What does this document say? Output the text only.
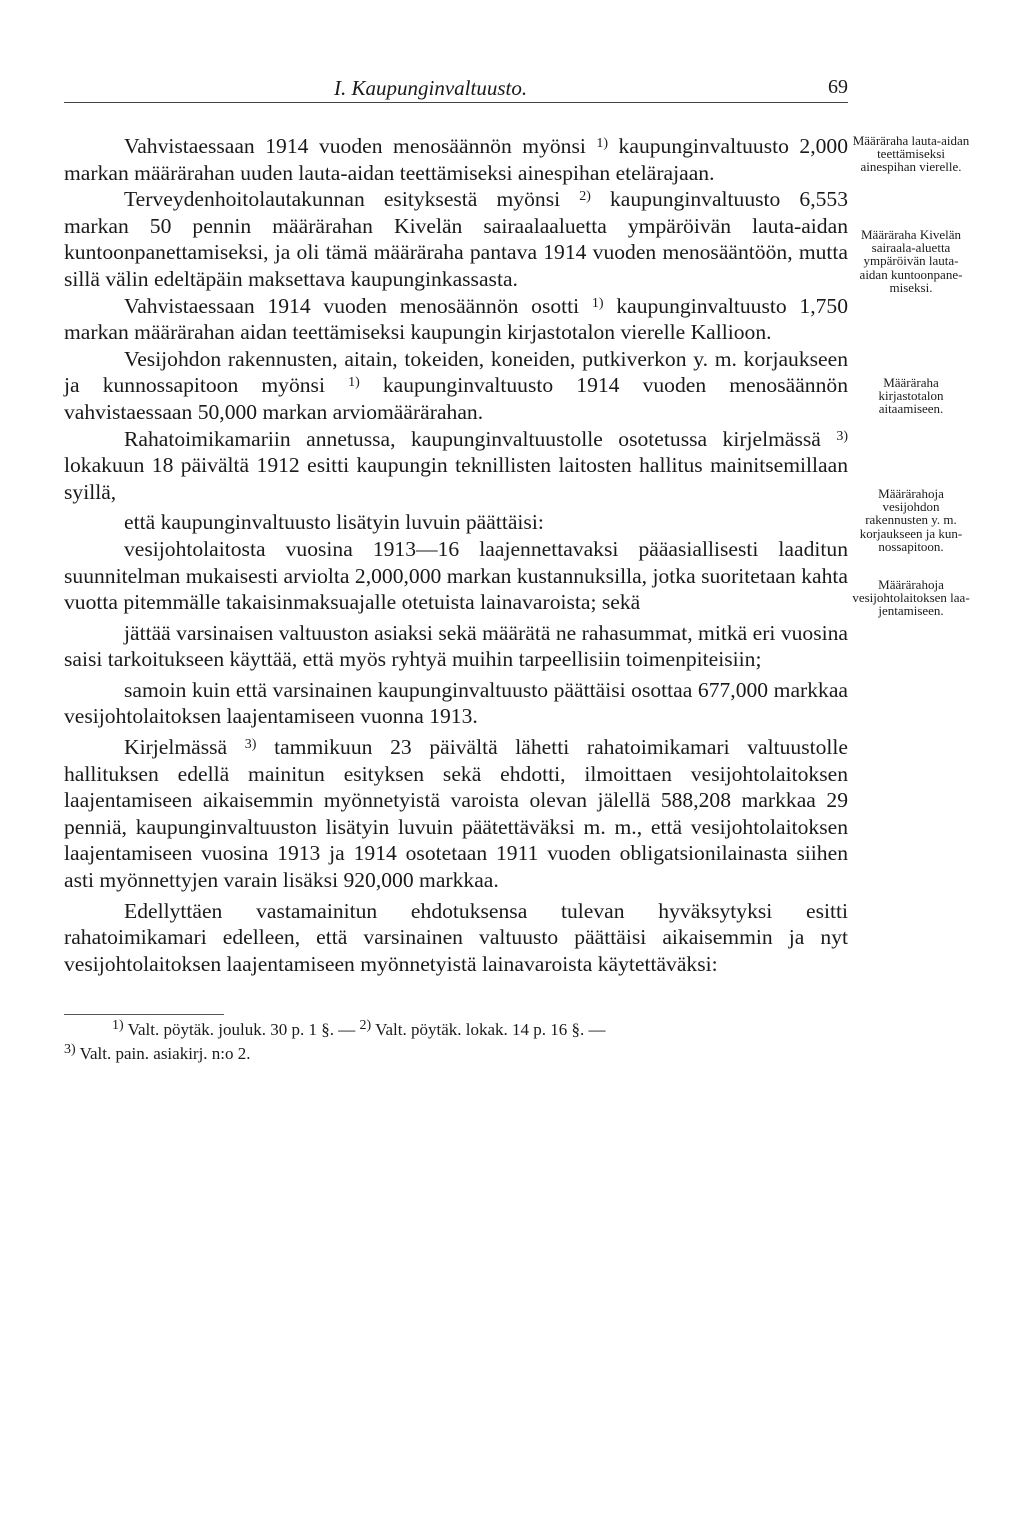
I. Kaupunginvaltuusto.	69

Vahvistaessaan 1914 vuoden menosäännön myönsi $^{1)}$ kaupunginvaltuusto 2,000 markan määrärahan uuden lauta-aidan teettämiseksi ainespihan etelärajaan.

Terveydenhoitolautakunnan esityksestä myönsi $^{2)}$ kaupunginvaltuusto 6,553 markan 50 pennin määrärahan Kivelän sairaalaaluetta ympäröivän lauta-aidan kuntoonpanettamiseksi, ja oli tämä määräraha pantava 1914 vuoden menosääntöön, mutta sillä välin edeltäpäin maksettava kaupunginkassasta.

Vahvistaessaan 1914 vuoden menosäännön osotti $^{1)}$ kaupunginvaltuusto 1,750 markan määrärahan aidan teettämiseksi kaupungin kirjastotalon vierelle Kallioon.

Vesijohdon rakennusten, aitain, tokeiden, koneiden, putkiverkon y. m. korjaukseen ja kunnossapitoon myönsi $^{1)}$ kaupunginvaltuusto 1914 vuoden menosäännön vahvistaessaan 50,000 markan arviomäärärahan.

Rahatoimikamariin annetussa, kaupunginvaltuustolle osotetussa kirjelmässä $^{3)}$ lokakuun 18 päivältä 1912 esitti kaupungin teknillisten laitosten hallitus mainitsemillaan syillä,

että kaupunginvaltuusto lisätyin luvuin päättäisi:

vesijohtolaitosta vuosina 1913—16 laajennettavaksi pääasiallisesti laaditun suunnitelman mukaisesti arviolta 2,000,000 markan kustannuksilla, jotka suoritetaan kahta vuotta pitemmälle takaisinmaksuajalle otetuista lainavaroista; sekä

jättää varsinaisen valtuuston asiaksi sekä määrätä ne rahasummat, mitkä eri vuosina saisi tarkoitukseen käyttää, että myös ryhtyä muihin tarpeellisiin toimenpiteisiin;

samoin kuin että varsinainen kaupunginvaltuusto päättäisi osottaa 677,000 markkaa vesijohtolaitoksen laajentamiseen vuonna 1913.

Kirjelmässä $^{3)}$ tammikuun 23 päivältä lähetti rahatoimikamari valtuustolle hallituksen edellä mainitun esityksen sekä ehdotti, ilmoittaen vesijohtolaitoksen laajentamiseen aikaisemmin myönnetyistä varoista olevan jälellä 588,208 markkaa 29 penniä, kaupunginvaltuuston lisätyin luvuin päätettäväksi m. m., että vesijohtolaitoksen laajentamiseen vuosina 1913 ja 1914 osotetaan 1911 vuoden obligatsionilainasta siihen asti myönnettyjen varain lisäksi 920,000 markkaa.

Edellyttäen vastamainitun ehdotuksensa tulevan hyväksytyksi esitti rahatoimikamari edelleen, että varsinainen valtuusto päättäisi aikaisemmin ja nyt vesijohtolaitoksen laajentamiseen myönnetyistä lainavaroista käytettäväksi:

Määräraha lauta-aidan teettämiseksi ainespihan vierelle.
Määräraha Kivelän sairaala-aluetta ympäröivän lauta-aidan kuntoonpanemiseksi.
Määräraha kirjastotalon aitaamiseen.
Määrärahoja vesijohdon rakennusten y. m. korjaukseen ja kunnossapitoon.
Määrärahoja vesijohtolaitoksen laajentamiseen.
$^{1)}$ Valt. pöytäk. jouluk. 30 p. 1 §. — $^{2)}$ Valt. pöytäk. lokak. 14 p. 16 §. —
$^{3)}$ Valt. pain. asiakirj. n:o 2.
